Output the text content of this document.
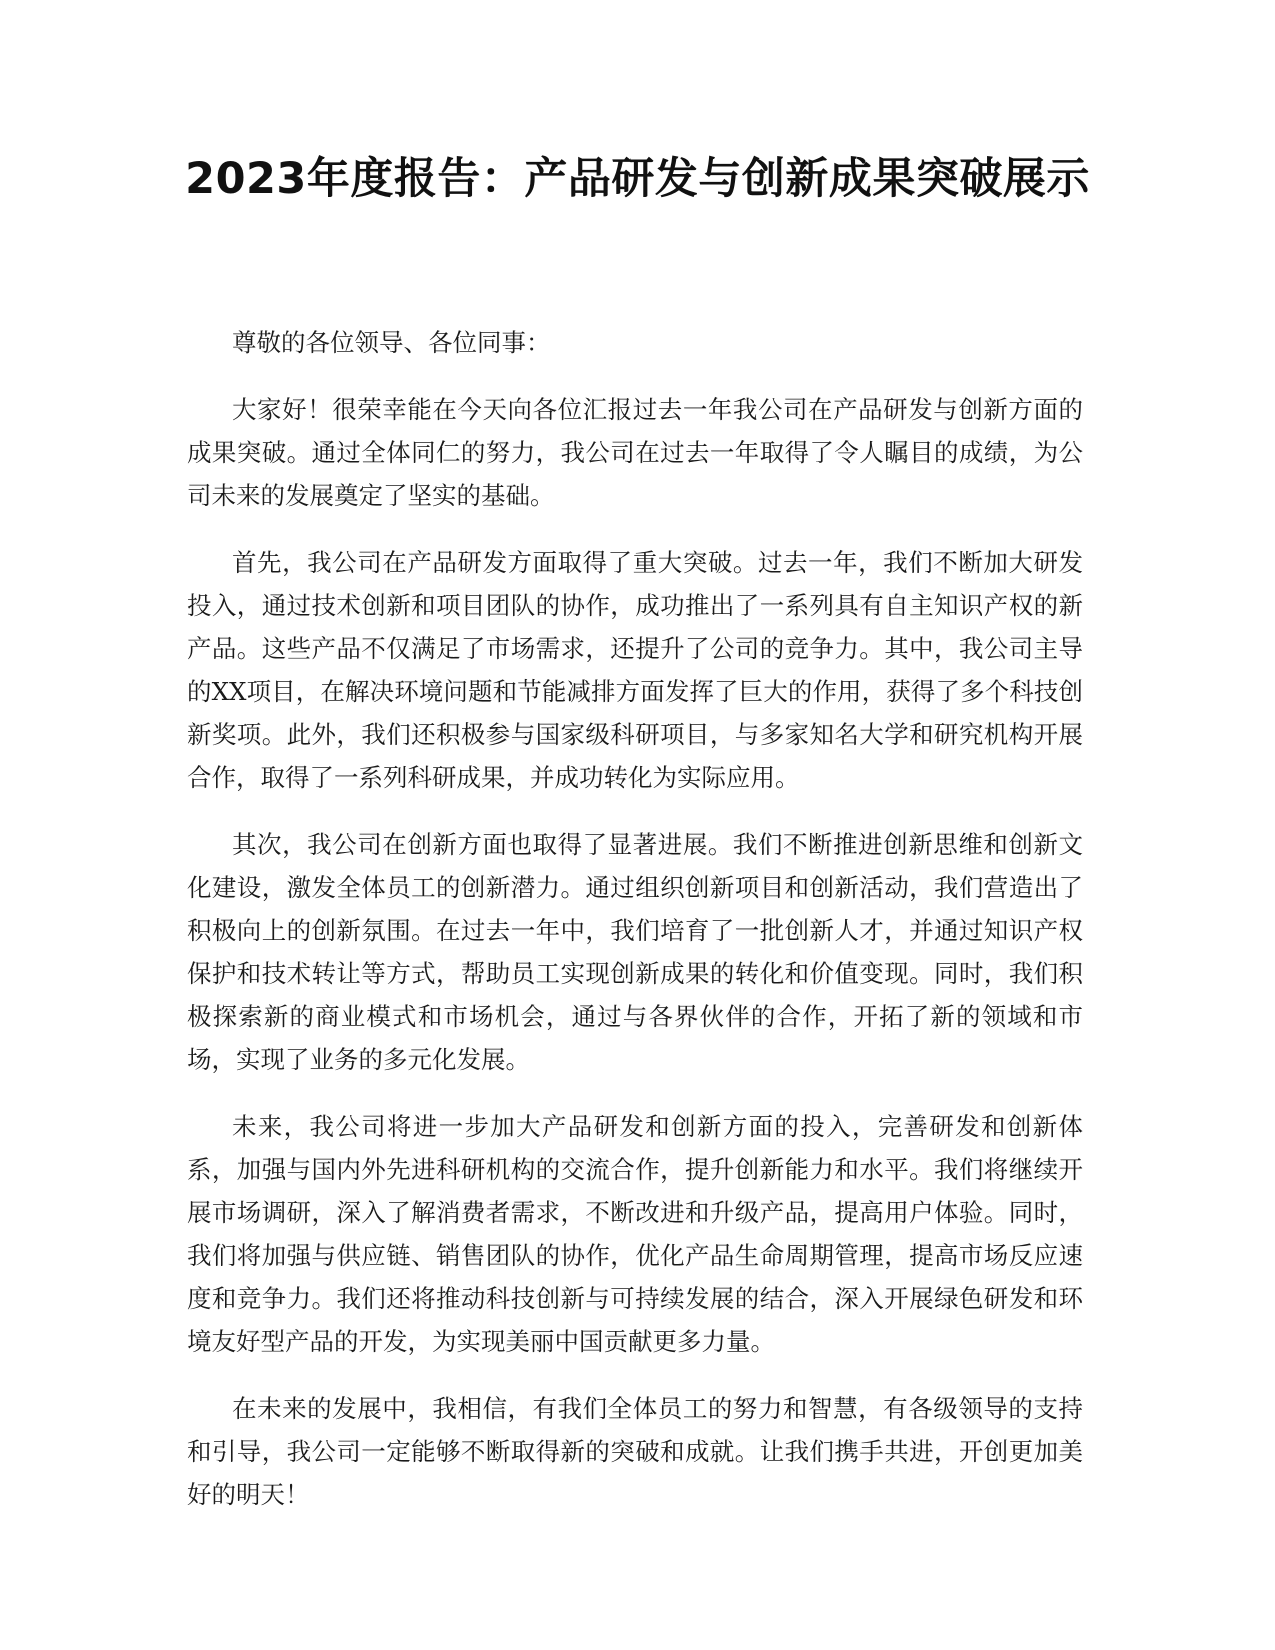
2023年度报告：产品研发与创新成果突破展示

尊敬的各位领导、各位同事：

大家好！很荣幸能在今天向各位汇报过去一年我公司在产品研发与创新方面的成果突破。通过全体同仁的努力，我公司在过去一年取得了令人瞩目的成绩，为公司未来的发展奠定了坚实的基础。

首先，我公司在产品研发方面取得了重大突破。过去一年，我们不断加大研发投入，通过技术创新和项目团队的协作，成功推出了一系列具有自主知识产权的新产品。这些产品不仅满足了市场需求，还提升了公司的竞争力。其中，我公司主导的XX项目，在解决环境问题和节能减排方面发挥了巨大的作用，获得了多个科技创新奖项。此外，我们还积极参与国家级科研项目，与多家知名大学和研究机构开展合作，取得了一系列科研成果，并成功转化为实际应用。

其次，我公司在创新方面也取得了显著进展。我们不断推进创新思维和创新文化建设，激发全体员工的创新潜力。通过组织创新项目和创新活动，我们营造出了积极向上的创新氛围。在过去一年中，我们培育了一批创新人才，并通过知识产权保护和技术转让等方式，帮助员工实现创新成果的转化和价值变现。同时，我们积极探索新的商业模式和市场机会，通过与各界伙伴的合作，开拓了新的领域和市场，实现了业务的多元化发展。

未来，我公司将进一步加大产品研发和创新方面的投入，完善研发和创新体系，加强与国内外先进科研机构的交流合作，提升创新能力和水平。我们将继续开展市场调研，深入了解消费者需求，不断改进和升级产品，提高用户体验。同时，我们将加强与供应链、销售团队的协作，优化产品生命周期管理，提高市场反应速度和竞争力。我们还将推动科技创新与可持续发展的结合，深入开展绿色研发和环境友好型产品的开发，为实现美丽中国贡献更多力量。

在未来的发展中，我相信，有我们全体员工的努力和智慧，有各级领导的支持和引导，我公司一定能够不断取得新的突破和成就。让我们携手共进，开创更加美好的明天！
